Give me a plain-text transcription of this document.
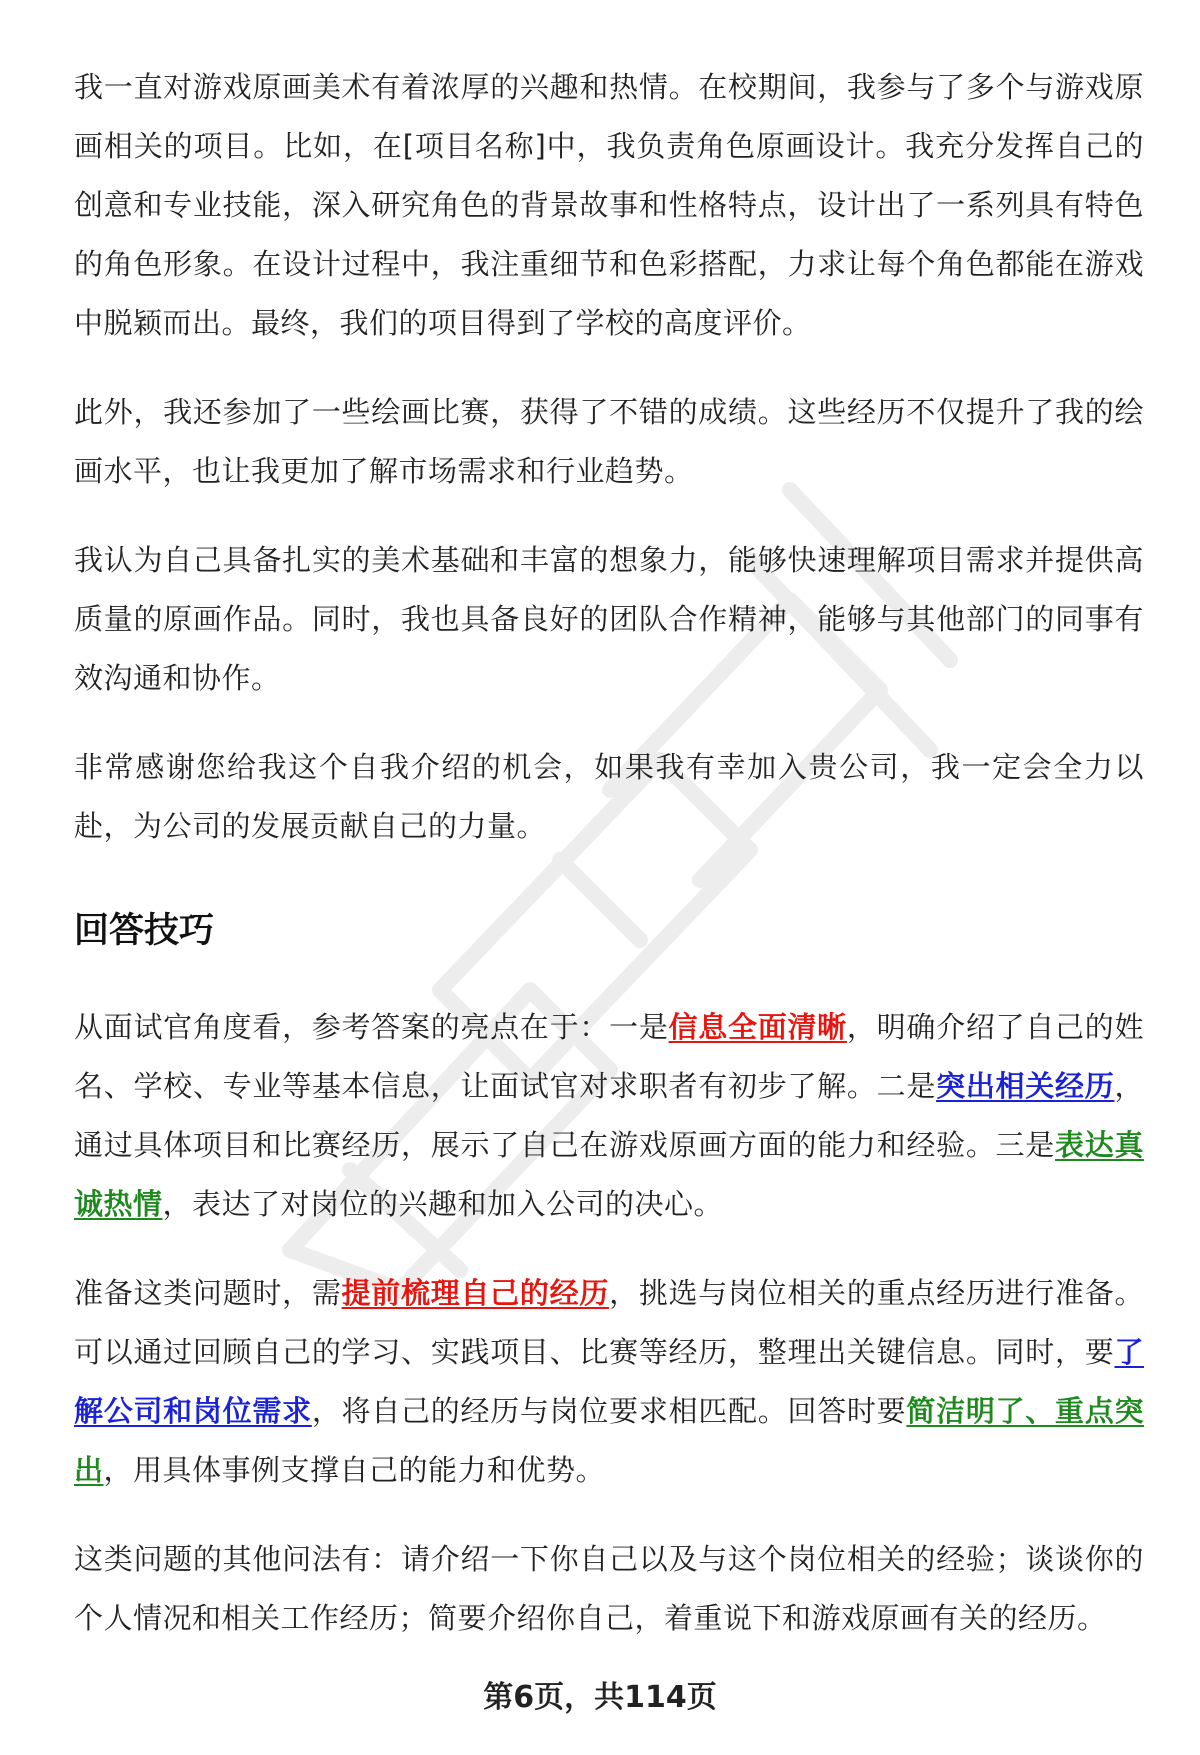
我一直对游戏原画美术有着浓厚的兴趣和热情。在校期间，我参与了多个与游戏原画相关的项目。比如，在[项目名称]中，我负责角色原画设计。我充分发挥自己的创意和专业技能，深入研究角色的背景故事和性格特点，设计出了一系列具有特色的角色形象。在设计过程中，我注重细节和色彩搭配，力求让每个角色都能在游戏中脱颖而出。最终，我们的项目得到了学校的高度评价。

此外，我还参加了一些绘画比赛，获得了不错的成绩。这些经历不仅提升了我的绘画水平，也让我更加了解市场需求和行业趋势。

我认为自己具备扎实的美术基础和丰富的想象力，能够快速理解项目需求并提供高质量的原画作品。同时，我也具备良好的团队合作精神，能够与其他部门的同事有效沟通和协作。

非常感谢您给我这个自我介绍的机会，如果我有幸加入贵公司，我一定会全力以赴，为公司的发展贡献自己的力量。

回答技巧

从面试官角度看，参考答案的亮点在于：一是信息全面清晰，明确介绍了自己的姓名、学校、专业等基本信息，让面试官对求职者有初步了解。二是突出相关经历，通过具体项目和比赛经历，展示了自己在游戏原画方面的能力和经验。三是表达真诚热情，表达了对岗位的兴趣和加入公司的决心。

准备这类问题时，需提前梳理自己的经历，挑选与岗位相关的重点经历进行准备。可以通过回顾自己的学习、实践项目、比赛等经历，整理出关键信息。同时，要了解公司和岗位需求，将自己的经历与岗位要求相匹配。回答时要简洁明了、重点突出，用具体事例支撑自己的能力和优势。

这类问题的其他问法有：请介绍一下你自己以及与这个岗位相关的经验；谈谈你的个人情况和相关工作经历；简要介绍你自己，着重说下和游戏原画有关的经历。

第6页，共114页
